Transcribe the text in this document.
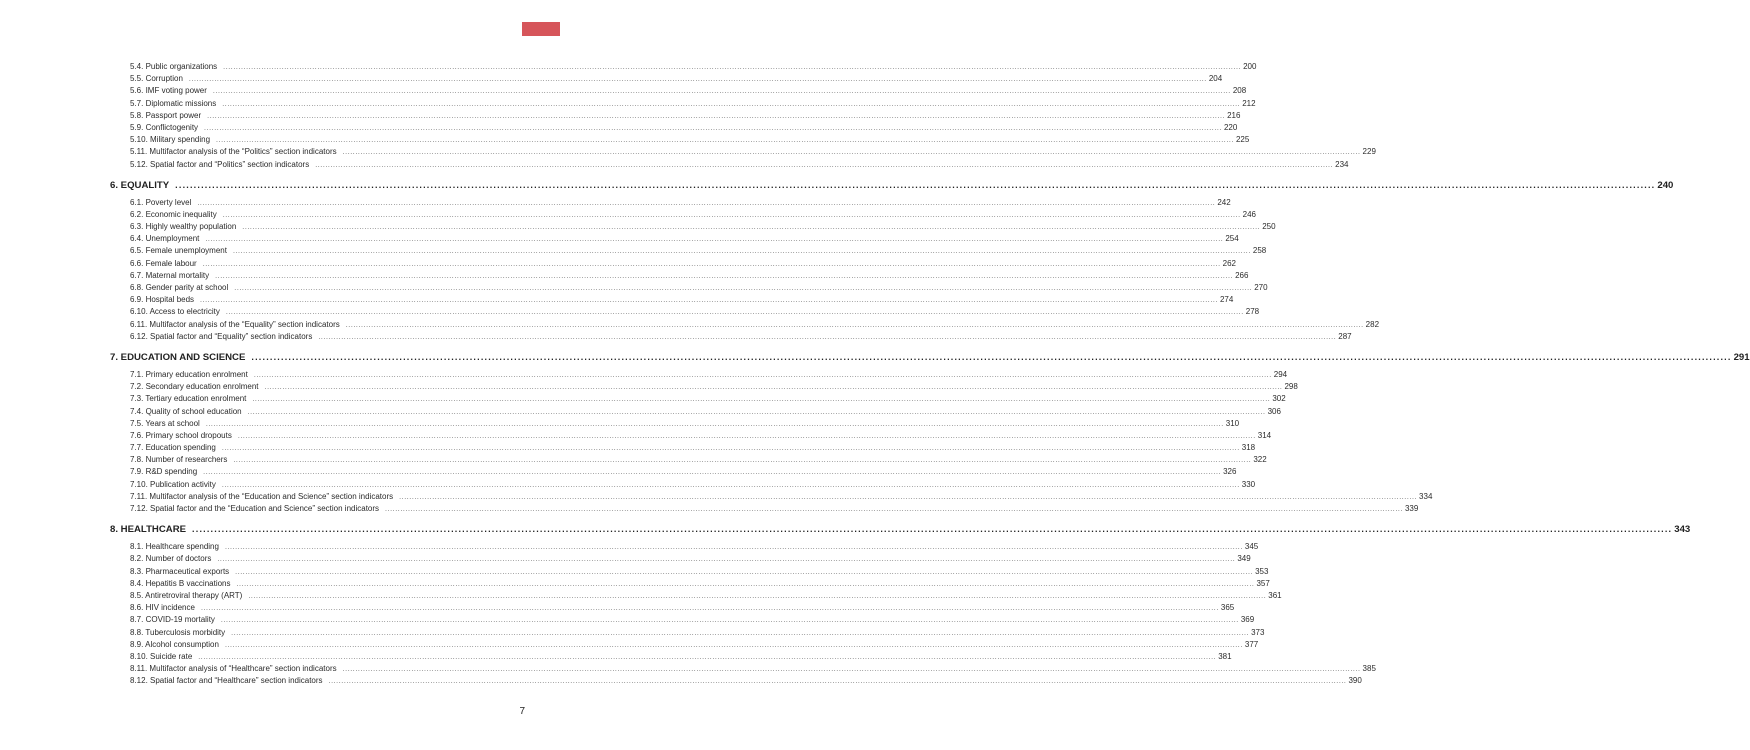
5.4. Public organizations ................................................................................................................................................................................................................................................................................................................................................................................................................ 200
5.5. Corruption ................................................................................................................................................................................................................................................................................................................................................................................................................ 204
5.6. IMF voting power ................................................................................................................................................................................................................................................................................................................................................................................................................ 208
5.7. Diplomatic missions ................................................................................................................................................................................................................................................................................................................................................................................................................ 212
5.8. Passport power ................................................................................................................................................................................................................................................................................................................................................................................................................ 216
5.9. Conflictogenity ................................................................................................................................................................................................................................................................................................................................................................................................................ 220
5.10. Military spending ................................................................................................................................................................................................................................................................................................................................................................................................................ 225
5.11. Multifactor analysis of the “Politics” section indicators ................................................................................................................................................................................................................................................................................................................................................................................................................ 229
5.12. Spatial factor and “Politics” section indicators ................................................................................................................................................................................................................................................................................................................................................................................................................ 234
6. EQUALITY ................................................................................................................................................................................................................................................................................................................................................................................................................ 240
6.1. Poverty level ................................................................................................................................................................................................................................................................................................................................................................................................................ 242
6.2. Economic inequality ................................................................................................................................................................................................................................................................................................................................................................................................................ 246
6.3. Highly wealthy population ................................................................................................................................................................................................................................................................................................................................................................................................................ 250
6.4. Unemployment ................................................................................................................................................................................................................................................................................................................................................................................................................ 254
6.5. Female unemployment ................................................................................................................................................................................................................................................................................................................................................................................................................ 258
6.6. Female labour ................................................................................................................................................................................................................................................................................................................................................................................................................ 262
6.7. Maternal mortality ................................................................................................................................................................................................................................................................................................................................................................................................................ 266
6.8. Gender parity at school ................................................................................................................................................................................................................................................................................................................................................................................................................ 270
6.9. Hospital beds ................................................................................................................................................................................................................................................................................................................................................................................................................ 274
6.10. Access to electricity ................................................................................................................................................................................................................................................................................................................................................................................................................ 278
6.11. Multifactor analysis of the “Equality” section indicators ................................................................................................................................................................................................................................................................................................................................................................................................................ 282
6.12. Spatial factor and “Equality” section indicators ................................................................................................................................................................................................................................................................................................................................................................................................................ 287
7. EDUCATION AND SCIENCE ................................................................................................................................................................................................................................................................................................................................................................................................................ 291
7.1. Primary education enrolment ................................................................................................................................................................................................................................................................................................................................................................................................................ 294
7.2. Secondary education enrolment ................................................................................................................................................................................................................................................................................................................................................................................................................ 298
7.3. Tertiary education enrolment ................................................................................................................................................................................................................................................................................................................................................................................................................ 302
7.4. Quality of school education ................................................................................................................................................................................................................................................................................................................................................................................................................ 306
7.5. Years at school ................................................................................................................................................................................................................................................................................................................................................................................................................ 310
7.6. Primary school dropouts ................................................................................................................................................................................................................................................................................................................................................................................................................ 314
7.7. Education spending ................................................................................................................................................................................................................................................................................................................................................................................................................ 318
7.8. Number of researchers ................................................................................................................................................................................................................................................................................................................................................................................................................ 322
7.9. R&D spending ................................................................................................................................................................................................................................................................................................................................................................................................................ 326
7.10. Publication activity ................................................................................................................................................................................................................................................................................................................................................................................................................ 330
7.11. Multifactor analysis of the “Education and Science” section indicators ................................................................................................................................................................................................................................................................................................................................................................................................................ 334
7.12. Spatial factor and the “Education and Science” section indicators ................................................................................................................................................................................................................................................................................................................................................................................................................ 339
8. HEALTHCARE ................................................................................................................................................................................................................................................................................................................................................................................................................ 343
8.1. Healthcare spending ................................................................................................................................................................................................................................................................................................................................................................................................................ 345
8.2. Number of doctors ................................................................................................................................................................................................................................................................................................................................................................................................................ 349
8.3. Pharmaceutical exports ................................................................................................................................................................................................................................................................................................................................................................................................................ 353
8.4. Hepatitis B vaccinations ................................................................................................................................................................................................................................................................................................................................................................................................................ 357
8.5. Antiretroviral therapy (ART) ................................................................................................................................................................................................................................................................................................................................................................................................................ 361
8.6. HIV incidence ................................................................................................................................................................................................................................................................................................................................................................................................................ 365
8.7. COVID-19 mortality ................................................................................................................................................................................................................................................................................................................................................................................................................ 369
8.8. Tuberculosis morbidity ................................................................................................................................................................................................................................................................................................................................................................................................................ 373
8.9. Alcohol consumption ................................................................................................................................................................................................................................................................................................................................................................................................................ 377
8.10. Suicide rate ................................................................................................................................................................................................................................................................................................................................................................................................................ 381
8.11. Multifactor analysis of “Healthcare” section indicators ................................................................................................................................................................................................................................................................................................................................................................................................................ 385
8.12. Spatial factor and “Healthcare” section indicators ................................................................................................................................................................................................................................................................................................................................................................................................................ 390
7
